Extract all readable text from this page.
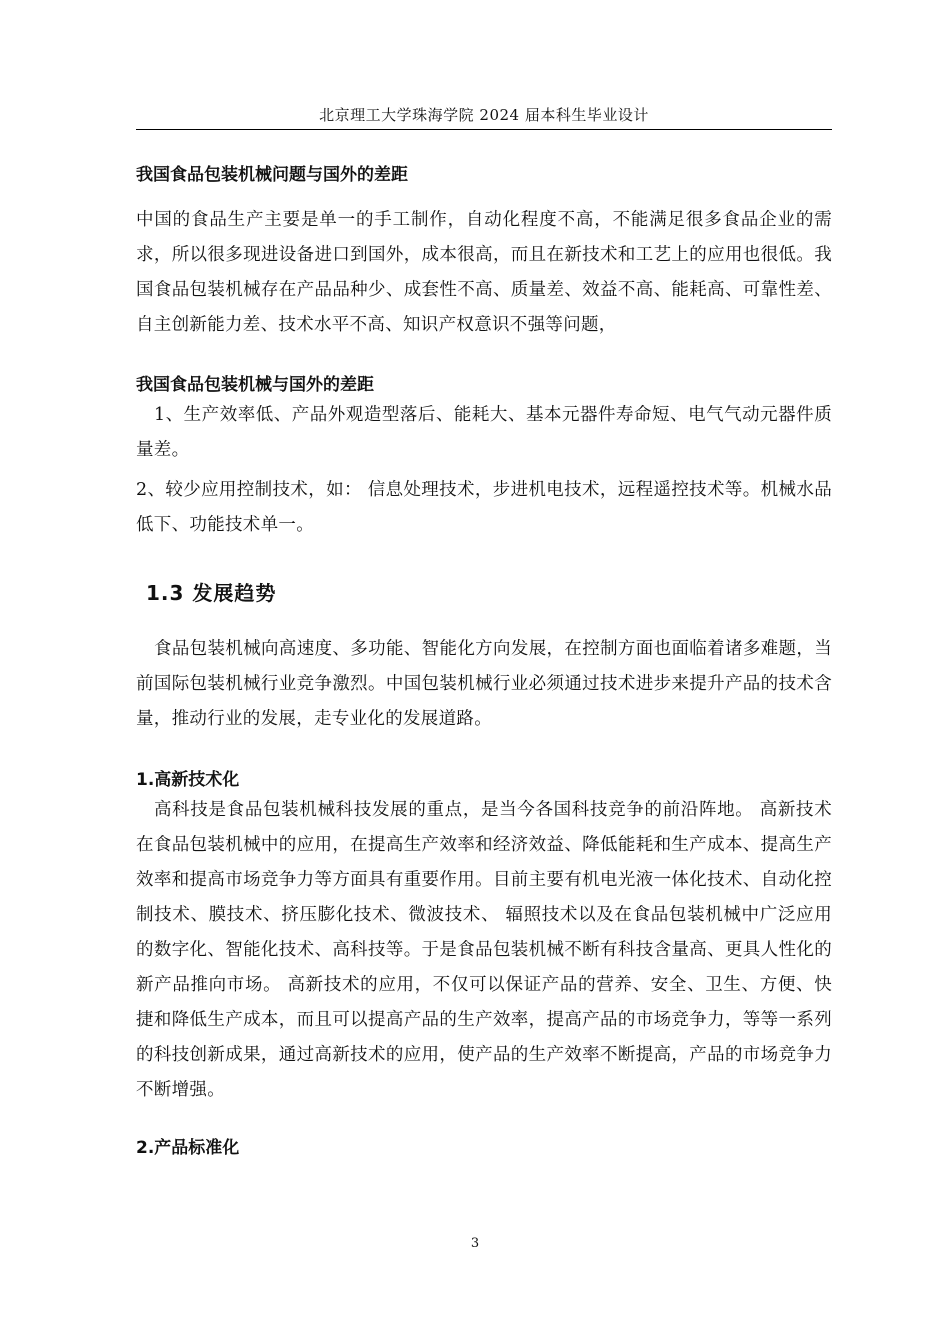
北京理工大学珠海学院 2024 届本科生毕业设计
我国食品包装机械问题与国外的差距
中国的食品生产主要是单一的手工制作，自动化程度不高，不能满足很多食品企业的需求，所以很多现进设备进口到国外，成本很高，而且在新技术和工艺上的应用也很低。我国食品包装机械存在产品品种少、成套性不高、质量差、效益不高、能耗高、可靠性差、自主创新能力差、技术水平不高、知识产权意识不强等问题，
我国食品包装机械与国外的差距
1、生产效率低、产品外观造型落后、能耗大、基本元器件寿命短、电气气动元器件质量差。
2、较少应用控制技术，如： 信息处理技术，步进机电技术，远程遥控技术等。机械水品低下、功能技术单一。
1.3 发展趋势
食品包装机械向高速度、多功能、智能化方向发展，在控制方面也面临着诸多难题，当前国际包装机械行业竞争激烈。中国包装机械行业必须通过技术进步来提升产品的技术含量，推动行业的发展，走专业化的发展道路。
1.高新技术化
高科技是食品包装机械科技发展的重点，是当今各国科技竞争的前沿阵地。 高新技术在食品包装机械中的应用，在提高生产效率和经济效益、降低能耗和生产成本、提高生产效率和提高市场竞争力等方面具有重要作用。目前主要有机电光液一体化技术、自动化控制技术、膜技术、挤压膨化技术、微波技术、 辐照技术以及在食品包装机械中广泛应用的数字化、智能化技术、高科技等。于是食品包装机械不断有科技含量高、更具人性化的新产品推向市场。 高新技术的应用，不仅可以保证产品的营养、安全、卫生、方便、快捷和降低生产成本，而且可以提高产品的生产效率，提高产品的市场竞争力，等等一系列的科技创新成果，通过高新技术的应用，使产品的生产效率不断提高，产品的市场竞争力不断增强。
2.产品标准化
3
